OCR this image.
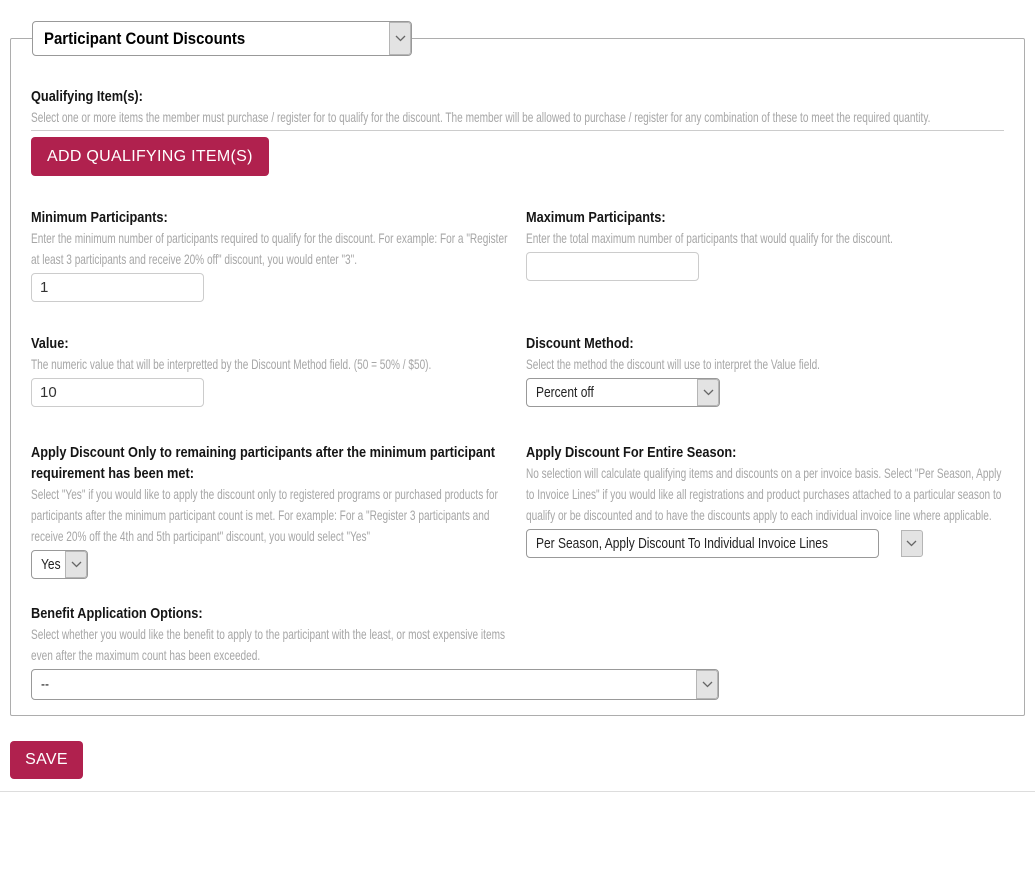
Participant Count Discounts
Qualifying Item(s):
Select one or more items the member must purchase / register for to qualify for the discount. The member will be allowed to purchase / register for any combination of these to meet the required quantity.
ADD QUALIFYING ITEM(S)
Minimum Participants:
Enter the minimum number of participants required to qualify for the discount. For example: For a "Register at least 3 participants and receive 20% off" discount, you would enter "3".
1
Maximum Participants:
Enter the total maximum number of participants that would qualify for the discount.
Value:
The numeric value that will be interpretted by the Discount Method field. (50 = 50% / $50).
10
Discount Method:
Select the method the discount will use to interpret the Value field.
Percent off
Apply Discount Only to remaining participants after the minimum participant requirement has been met:
Select "Yes" if you would like to apply the discount only to registered programs or purchased products for participants after the minimum participant count is met. For example: For a "Register 3 participants and receive 20% off the 4th and 5th participant" discount, you would select "Yes"
Yes
Apply Discount For Entire Season:
No selection will calculate qualifying items and discounts on a per invoice basis. Select "Per Season, Apply to Invoice Lines" if you would like all registrations and product purchases attached to a particular season to qualify or be discounted and to have the discounts apply to each individual invoice line where applicable.
Per Season, Apply Discount To Individual Invoice Lines
Benefit Application Options:
Select whether you would like the benefit to apply to the participant with the least, or most expensive items even after the maximum count has been exceeded.
--
SAVE
